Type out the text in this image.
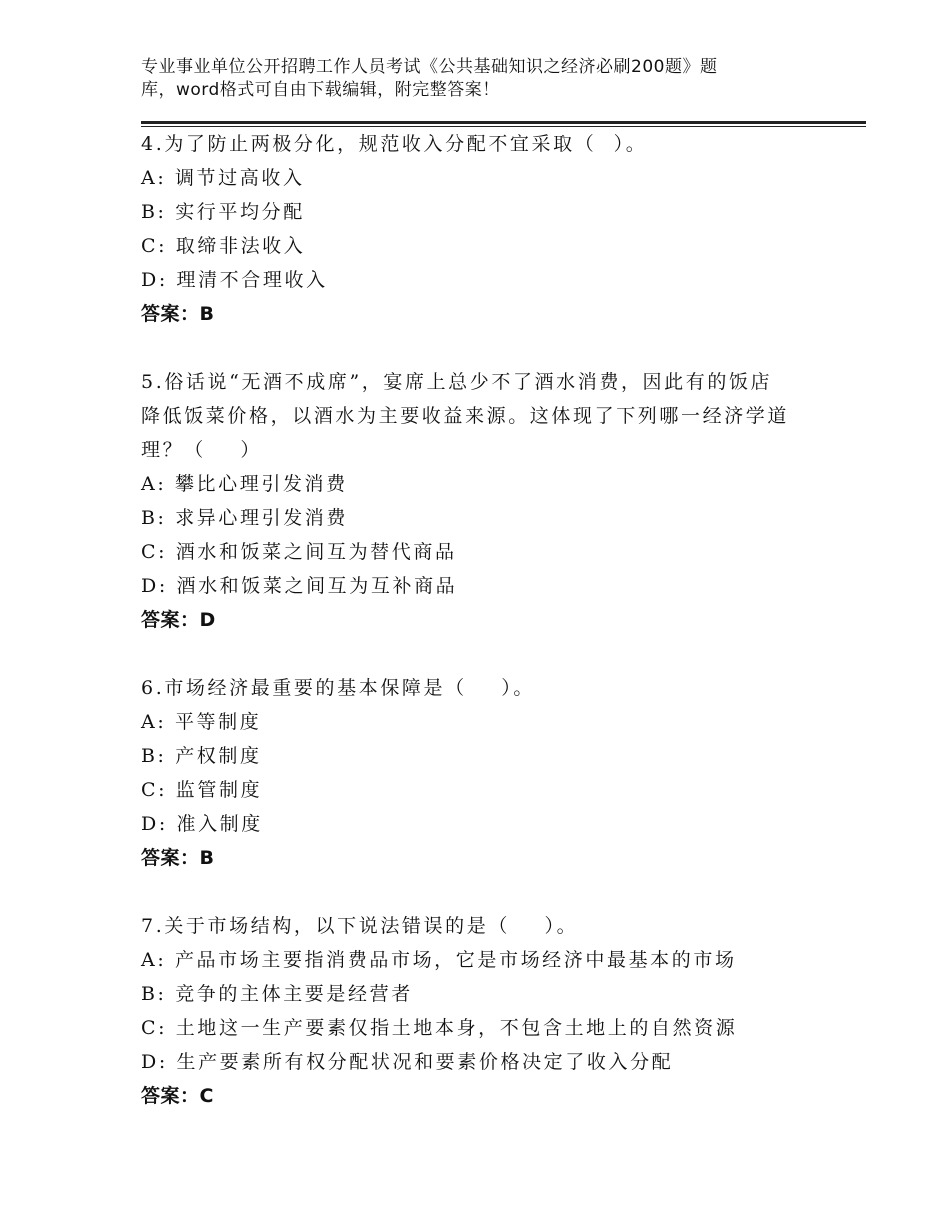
专业事业单位公开招聘工作人员考试《公共基础知识之经济必刷200题》题
库，word格式可自由下载编辑，附完整答案！
4.为了防止两极分化，规范收入分配不宜采取（  ）。
A: 调节过高收入
B: 实行平均分配
C: 取缔非法收入
D: 理清不合理收入
答案：B
5.俗话说“无酒不成席”，宴席上总少不了酒水消费，因此有的饭店
降低饭菜价格，以酒水为主要收益来源。这体现了下列哪一经济学道
理？（    ）
A: 攀比心理引发消费
B: 求异心理引发消费
C: 酒水和饭菜之间互为替代商品
D: 酒水和饭菜之间互为互补商品
答案：D
6.市场经济最重要的基本保障是（    ）。
A: 平等制度
B: 产权制度
C: 监管制度
D: 准入制度
答案：B
7.关于市场结构，以下说法错误的是（    ）。
A: 产品市场主要指消费品市场，它是市场经济中最基本的市场
B: 竞争的主体主要是经营者
C: 土地这一生产要素仅指土地本身，不包含土地上的自然资源
D: 生产要素所有权分配状况和要素价格决定了收入分配
答案：C
